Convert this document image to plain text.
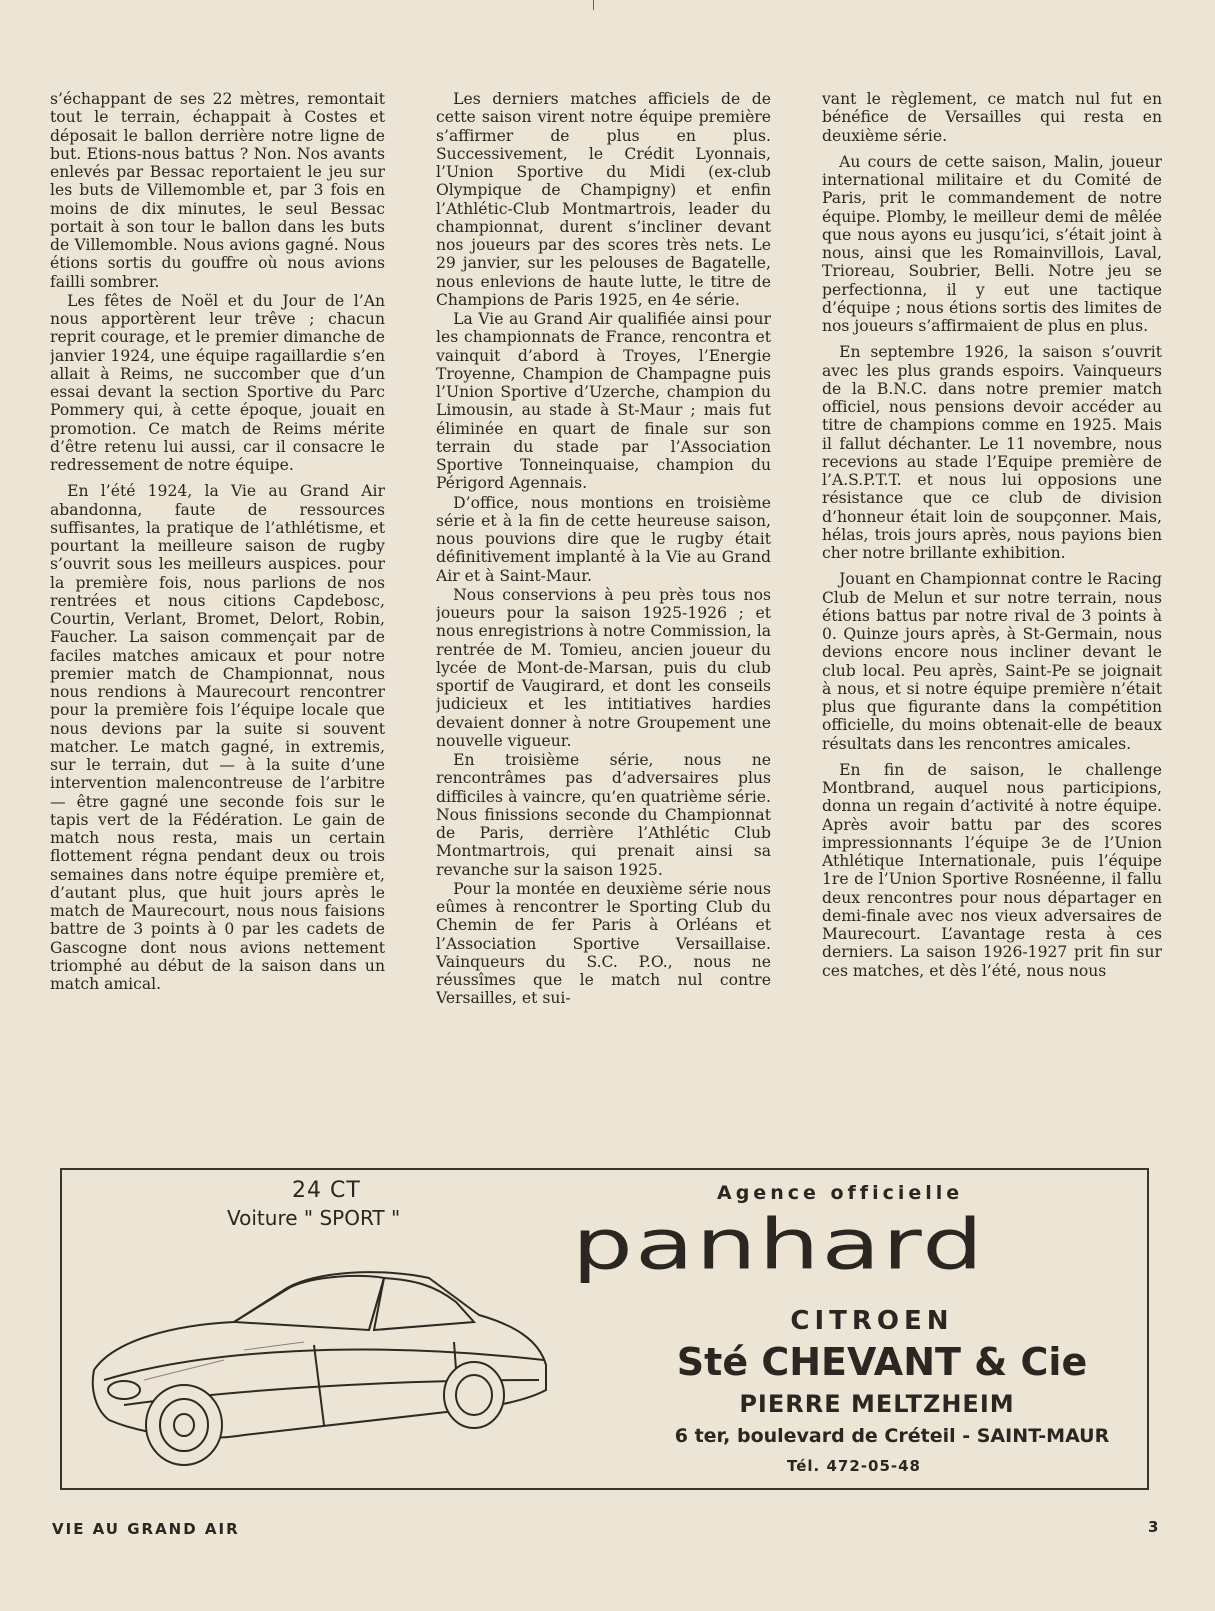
s’échappant de ses 22 mètres, remontait tout le terrain, échappait à Costes et déposait le ballon derrière notre ligne de but. Etions-nous battus ? Non. Nos avants enlevés par Bessac reportaient le jeu sur les buts de Villemomble et, par 3 fois en moins de dix minutes, le seul Bessac portait à son tour le ballon dans les buts de Villemomble. Nous avions gagné. Nous étions sortis du gouffre où nous avions failli sombrer.

Les fêtes de Noël et du Jour de l’An nous apportèrent leur trêve ; chacun reprit courage, et le premier dimanche de janvier 1924, une équipe ragaillardie s’en allait à Reims, ne succomber que d’un essai devant la section Sportive du Parc Pommery qui, à cette époque, jouait en promotion. Ce match de Reims mérite d’être retenu lui aussi, car il consacre le redressement de notre équipe.

En l’été 1924, la Vie au Grand Air abandonna, faute de ressources suffisantes, la pratique de l’athlétisme, et pourtant la meilleure saison de rugby s’ouvrit sous les meilleurs auspices. pour la première fois, nous parlions de nos rentrées et nous citions Capdebosc, Courtin, Verlant, Bromet, Delort, Robin, Faucher. La saison commençait par de faciles matches amicaux et pour notre premier match de Championnat, nous nous rendions à Maurecourt rencontrer pour la première fois l’équipe locale que nous devions par la suite si souvent matcher. Le match gagné, in extremis, sur le terrain, dut — à la suite d’une intervention malencontreuse de l’arbitre — être gagné une seconde fois sur le tapis vert de la Fédération. Le gain de match nous resta, mais un certain flottement régna pendant deux ou trois semaines dans notre équipe première et, d’autant plus, que huit jours après le match de Maurecourt, nous nous faisions battre de 3 points à 0 par les cadets de Gascogne dont nous avions nettement triomphé au début de la saison dans un match amical.

Les derniers matches afficiels de de cette saison virent notre équipe première s’affirmer de plus en plus. Successivement, le Crédit Lyonnais, l’Union Sportive du Midi (ex-club Olympique de Champigny) et enfin l’Athlétic-Club Montmartrois, leader du championnat, durent s’incliner devant nos joueurs par des scores très nets. Le 29 janvier, sur les pelouses de Bagatelle, nous enlevions de haute lutte, le titre de Champions de Paris 1925, en 4e série.

La Vie au Grand Air qualifiée ainsi pour les championnats de France, rencontra et vainquit d’abord à Troyes, l’Energie Troyenne, Champion de Champagne puis l’Union Sportive d’Uzerche, champion du Limousin, au stade à St-Maur ; mais fut éliminée en quart de finale sur son terrain du stade par l’Association Sportive Tonneinquaise, champion du Périgord Agennais.

D’office, nous montions en troisième série et à la fin de cette heureuse saison, nous pouvions dire que le rugby était définitivement implanté à la Vie au Grand Air et à Saint-Maur.

Nous conservions à peu près tous nos joueurs pour la saison 1925-1926 ; et nous enregistrions à notre Commission, la rentrée de M. Tomieu, ancien joueur du lycée de Mont-de-Marsan, puis du club sportif de Vaugirard, et dont les conseils judicieux et les intitiatives hardies devaient donner à notre Groupement une nouvelle vigueur.

En troisième série, nous ne rencontrâmes pas d’adversaires plus difficiles à vaincre, qu’en quatrième série. Nous finissions seconde du Championnat de Paris, derrière l’Athlétic Club Montmartrois, qui prenait ainsi sa revanche sur la saison 1925.

Pour la montée en deuxième série nous eûmes à rencontrer le Sporting Club du Chemin de fer Paris à Orléans et l’Association Sportive Versaillaise. Vainqueurs du S.C. P.O., nous ne réussîmes que le match nul contre Versailles, et sui-

vant le règlement, ce match nul fut en bénéfice de Versailles qui resta en deuxième série.

Au cours de cette saison, Malin, joueur international militaire et du Comité de Paris, prit le commandement de notre équipe. Plomby, le meilleur demi de mêlée que nous ayons eu jusqu’ici, s’était joint à nous, ainsi que les Romainvillois, Laval, Trioreau, Soubrier, Belli. Notre jeu se perfectionna, il y eut une tactique d’équipe ; nous étions sortis des limites de nos joueurs s’affirmaient de plus en plus.

En septembre 1926, la saison s’ouvrit avec les plus grands espoirs. Vainqueurs de la B.N.C. dans notre premier match officiel, nous pensions devoir accéder au titre de champions comme en 1925. Mais il fallut déchanter. Le 11 novembre, nous recevions au stade l’Equipe première de l’A.S.P.T.T. et nous lui opposions une résistance que ce club de division d’honneur était loin de soupçonner. Mais, hélas, trois jours après, nous payions bien cher notre brillante exhibition.

Jouant en Championnat contre le Racing Club de Melun et sur notre terrain, nous étions battus par notre rival de 3 points à 0. Quinze jours après, à St-Germain, nous devions encore nous incliner devant le club local. Peu après, Saint-Pe se joignait à nous, et si notre équipe première n’était plus que figurante dans la compétition officielle, du moins obtenait-elle de beaux résultats dans les rencontres amicales.

En fin de saison, le challenge Montbrand, auquel nous participions, donna un regain d’activité à notre équipe. Après avoir battu par des scores impressionnants l’équipe 3e de l’Union Athlétique Internationale, puis l’équipe 1re de l’Union Sportive Rosnéenne, il fallu deux rencontres pour nous départager en demi-finale avec nos vieux adversaires de Maurecourt. L’avantage resta à ces derniers. La saison 1926-1927 prit fin sur ces matches, et dès l’été, nous nous

24 CT
Voiture " SPORT "
Agence officielle
panhard
CITROEN
Sté CHEVANT & Cie
PIERRE MELTZHEIM
6 ter, boulevard de Créteil - SAINT-MAUR
Tél. 472-05-48
VIE AU GRAND AIR	3
